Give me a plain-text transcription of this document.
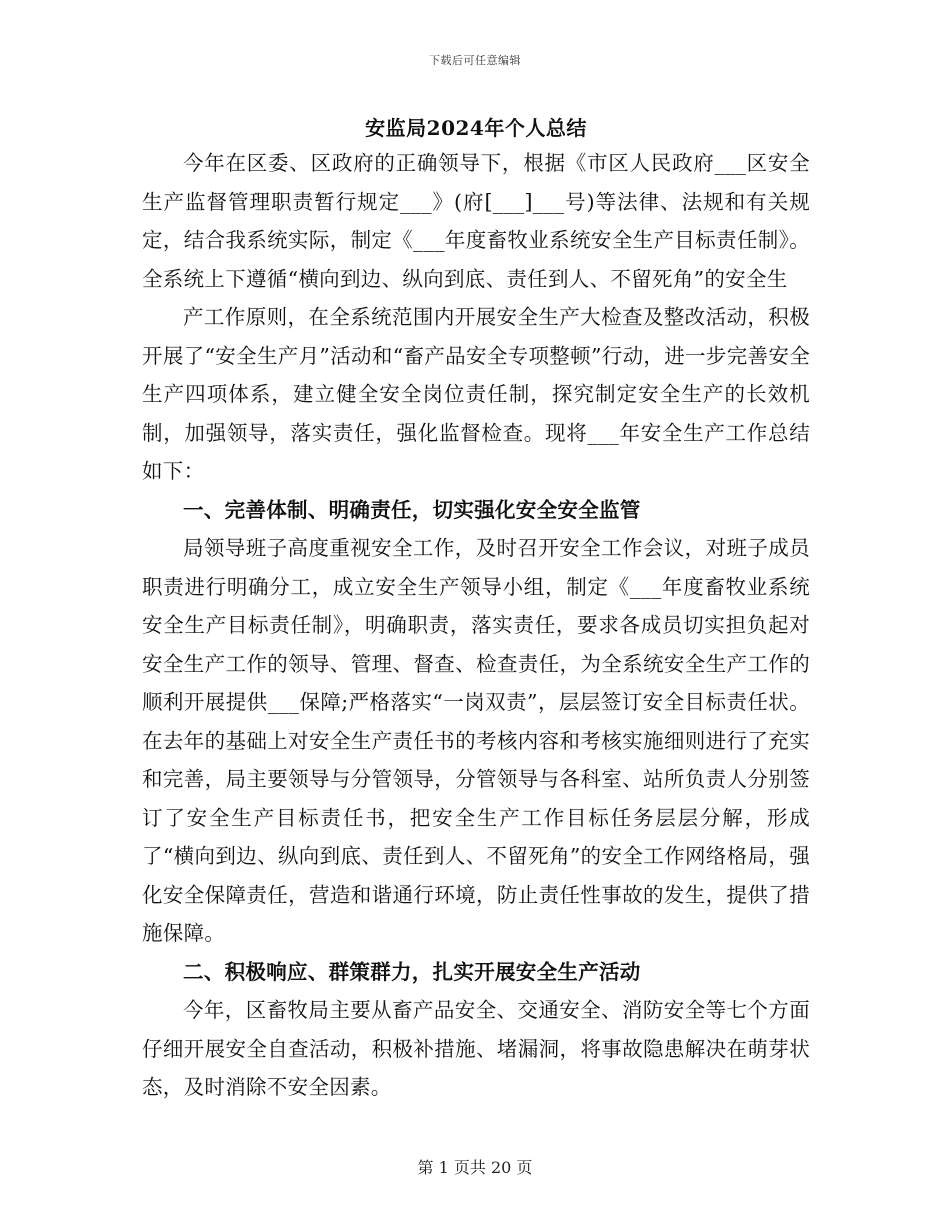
下载后可任意编辑
安监局2024年个人总结

今年在区委、区政府的正确领导下，根据《市区人民政府___区安全生产监督管理职责暂行规定___》(府[___]___号)等法律、法规和有关规定，结合我系统实际，制定《___年度畜牧业系统安全生产目标责任制》。全系统上下遵循“横向到边、纵向到底、责任到人、不留死角”的安全生

产工作原则，在全系统范围内开展安全生产大检查及整改活动，积极开展了“安全生产月”活动和“畜产品安全专项整顿”行动，进一步完善安全生产四项体系，建立健全安全岗位责任制，探究制定安全生产的长效机制，加强领导，落实责任，强化监督检查。现将___年安全生产工作总结如下：

一、完善体制、明确责任，切实强化安全安全监管

局领导班子高度重视安全工作，及时召开安全工作会议，对班子成员职责进行明确分工，成立安全生产领导小组，制定《___年度畜牧业系统安全生产目标责任制》，明确职责，落实责任，要求各成员切实担负起对安全生产工作的领导、管理、督查、检查责任，为全系统安全生产工作的顺利开展提供___保障;严格落实“一岗双责”，层层签订安全目标责任状。在去年的基础上对安全生产责任书的考核内容和考核实施细则进行了充实和完善，局主要领导与分管领导，分管领导与各科室、站所负责人分别签订了安全生产目标责任书，把安全生产工作目标任务层层分解，形成了“横向到边、纵向到底、责任到人、不留死角”的安全工作网络格局，强化安全保障责任，营造和谐通行环境，防止责任性事故的发生，提供了措施保障。

二、积极响应、群策群力，扎实开展安全生产活动

今年，区畜牧局主要从畜产品安全、交通安全、消防安全等七个方面仔细开展安全自查活动，积极补措施、堵漏洞，将事故隐患解决在萌芽状态，及时消除不安全因素。

第 1 页共 20 页
